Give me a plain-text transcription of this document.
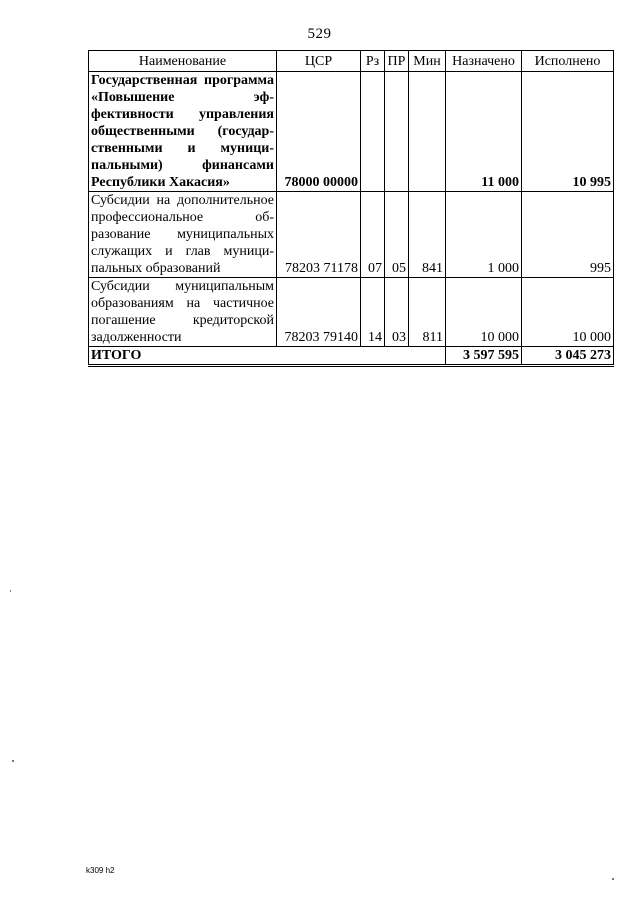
529
Наименование	ЦСР	Рз	ПР	Мин	Назначено	Исполнено
Государственная программа «Повышение эффективности управления общественными (государственными и муниципальными) финансами Республики Хакасия»	78000 00000				11 000	10 995
Субсидии на дополнительное профессиональное образование муниципальных служащих и глав муниципальных образований	78203 71178	07	05	841	1 000	995
Субсидии муниципальным образованиям на частичное погашение кредиторской задолженности	78203 79140	14	03	811	10 000	10 000
ИТОГО					3 597 595	3 045 273
k309 h2
